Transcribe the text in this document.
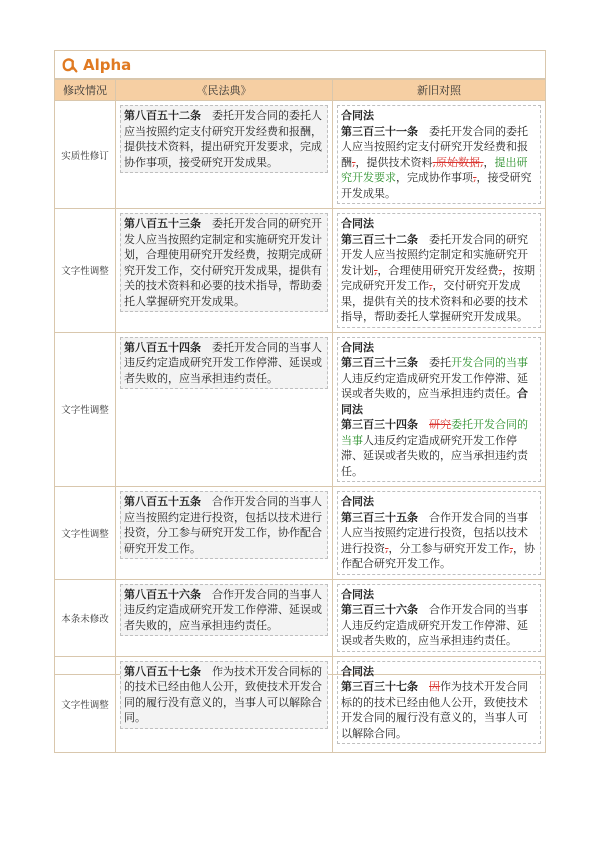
Alpha
修改情况	《民法典》	新旧对照
实质性修订	第八百五十二条　委托开发合同的委托人应当按照约定支付研究开发经费和报酬，提供技术资料，提出研究开发要求，完成协作事项，接受研究开发成果。	合同法
第三百三十一条　委托开发合同的委托人应当按照约定支付研究开发经费和报酬,，提供技术资料,原始数据,，提出研究开发要求，完成协作事项,，接受研究开发成果。

文字性调整	第八百五十三条　委托开发合同的研究开发人应当按照约定制定和实施研究开发计划，合理使用研究开发经费，按期完成研究开发工作，交付研究开发成果，提供有关的技术资料和必要的技术指导，帮助委托人掌握研究开发成果。	合同法
第三百三十二条　委托开发合同的研究开发人应当按照约定制定和实施研究开发计划,，合理使用研究开发经费,，按期完成研究开发工作,，交付研究开发成果，提供有关的技术资料和必要的技术指导，帮助委托人掌握研究开发成果。

文字性调整	第八百五十四条　委托开发合同的当事人违反约定造成研究开发工作停滞、延误或者失败的，应当承担违约责任。	合同法
第三百三十三条　委托开发合同的当事人违反约定造成研究开发工作停滞、延误或者失败的，应当承担违约责任。合同法
第三百三十四条　 研究委托开发合同的当事人违反约定造成研究开发工作停滞、延误或者失败的，应当承担违约责任。

文字性调整	第八百五十五条　合作开发合同的当事人应当按照约定进行投资，包括以技术进行投资，分工参与研究开发工作，协作配合研究开发工作。	合同法
第三百三十五条　合作开发合同的当事人应当按照约定进行投资，包括以技术进行投资,，分工参与研究开发工作,，协作配合研究开发工作。

本条未修改	第八百五十六条　合作开发合同的当事人违反约定造成研究开发工作停滞、延误或者失败的，应当承担违约责任。	合同法
第三百三十六条　合作开发合同的当事人违反约定造成研究开发工作停滞、延误或者失败的，应当承担违约责任。

文字性调整	第八百五十七条　作为技术开发合同标的的技术已经由他人公开，致使技术开发合同的履行没有意义的，当事人可以解除合同。	合同法
第三百三十七条　 因作为技术开发合同标的的技术已经由他人公开，致使技术开发合同的履行没有意义的，当事人可以解除合同。
